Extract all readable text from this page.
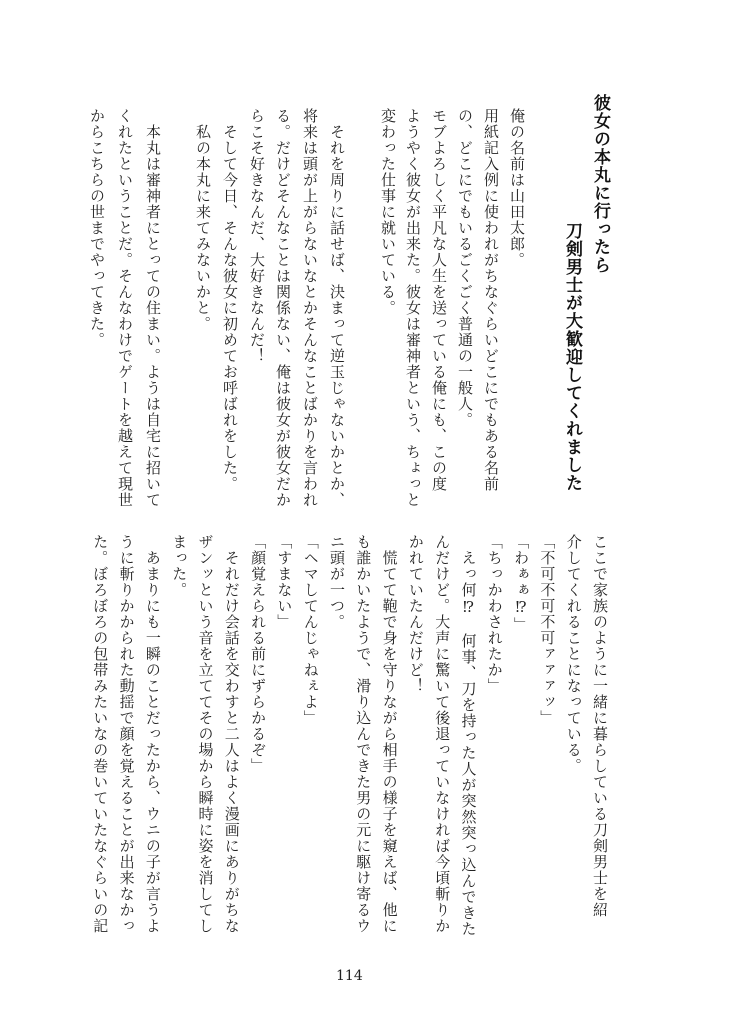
彼女の本丸に行ったら
刀剣男士が大歓迎してくれました
俺の名前は山田太郎。
用紙記入例に使われがちなぐらいどこにでもある名前
の、どこにでもいるごくごく普通の一般人。
モブよろしく平凡な人生を送っている俺にも、この度
ようやく彼女が出来た。彼女は審神者という、ちょっと
変わった仕事に就いている。
　それを周りに話せば、決まって逆玉じゃないかとか、
将来は頭が上がらないなとかそんなことばかりを言われ
る。だけどそんなことは関係ない、俺は彼女が彼女だか
らこそ好きなんだ、大好きなんだ！
　そして今日、そんな彼女に初めてお呼ばれをした。
　私の本丸に来てみないかと。
　本丸は審神者にとっての住まい。ようは自宅に招いて
くれたということだ。そんなわけでゲートを越えて現世
からこちらの世までやってきた。
ここで家族のように一緒に暮らしている刀剣男士を紹
介してくれることになっている。
「不可不可不可ァァァッ」
「わぁぁ⁉」
「ちっかわされたか」
　えっ何⁉　何事、刀を持った人が突然突っ込んできた
んだけど。大声に驚いて後退っていなければ今頃斬りか
かれていたんだけど！
　慌てて鞄で身を守りながら相手の様子を窺えば、他に
も誰かいたようで、滑り込んできた男の元に駆け寄るウ
ニ頭が一つ。
「ヘマしてんじゃねぇよ」
「すまない」
「顔覚えられる前にずらかるぞ」
　それだけ会話を交わすと二人はよく漫画にありがちな
ザンッという音を立ててその場から瞬時に姿を消してし
まった。
　あまりにも一瞬のことだったから、ウニの子が言うよ
うに斬りかかられた動揺で顔を覚えることが出来なかっ
た。ぼろぼろの包帯みたいなの巻いていたなぐらいの記
114
